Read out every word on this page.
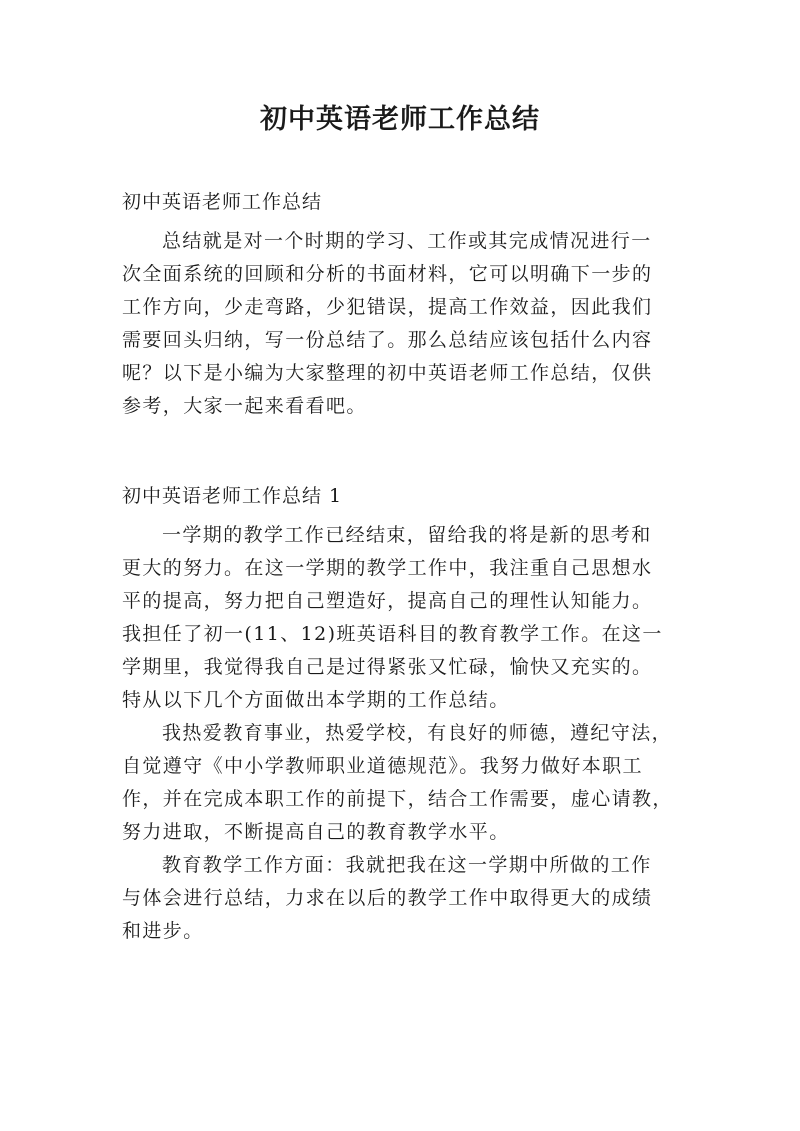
初中英语老师工作总结
初中英语老师工作总结
总结就是对一个时期的学习、工作或其完成情况进行一
次全面系统的回顾和分析的书面材料，它可以明确下一步的
工作方向，少走弯路，少犯错误，提高工作效益，因此我们
需要回头归纳，写一份总结了。那么总结应该包括什么内容
呢？以下是小编为大家整理的初中英语老师工作总结，仅供
参考，大家一起来看看吧。
初中英语老师工作总结 1
一学期的教学工作已经结束，留给我的将是新的思考和
更大的努力。在这一学期的教学工作中，我注重自己思想水
平的提高，努力把自己塑造好，提高自己的理性认知能力。
我担任了初一(11、12)班英语科目的教育教学工作。在这一
学期里，我觉得我自己是过得紧张又忙碌，愉快又充实的。
特从以下几个方面做出本学期的工作总结。
我热爱教育事业，热爱学校，有良好的师德，遵纪守法，
自觉遵守《中小学教师职业道德规范》。我努力做好本职工
作，并在完成本职工作的前提下，结合工作需要，虚心请教，
努力进取，不断提高自己的教育教学水平。
教育教学工作方面：我就把我在这一学期中所做的工作
与体会进行总结，力求在以后的教学工作中取得更大的成绩
和进步。
